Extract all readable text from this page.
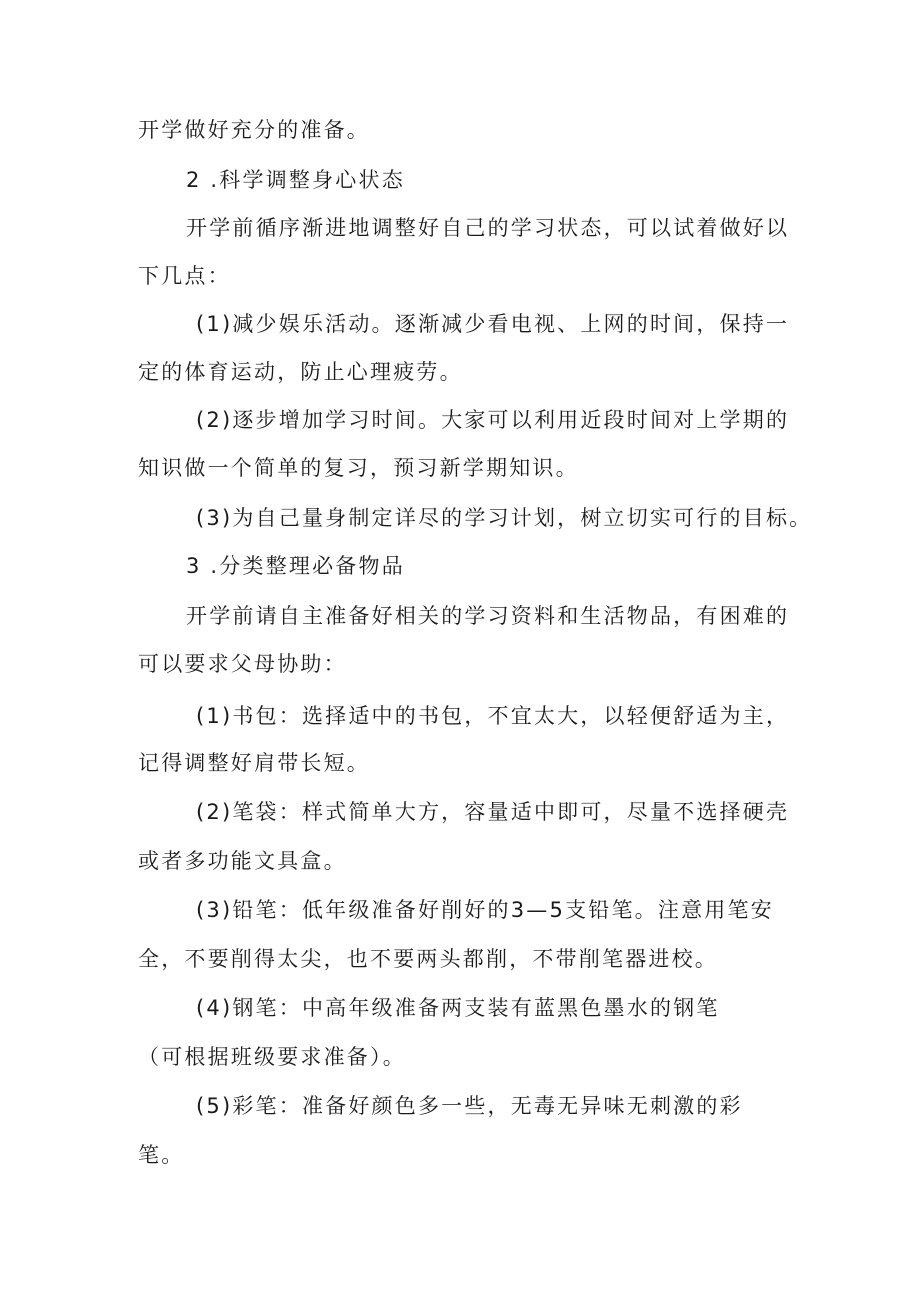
开学做好充分的准备。
2 .科学调整身心状态
开学前循序渐进地调整好自己的学习状态，可以试着做好以
下几点：
(1)减少娱乐活动。逐渐减少看电视、上网的时间，保持一
定的体育运动，防止心理疲劳。
(2)逐步增加学习时间。大家可以利用近段时间对上学期的
知识做一个简单的复习，预习新学期知识。
(3)为自己量身制定详尽的学习计划，树立切实可行的目标。
3 .分类整理必备物品
开学前请自主准备好相关的学习资料和生活物品，有困难的
可以要求父母协助：
(1)书包：选择适中的书包，不宜太大，以轻便舒适为主，
记得调整好肩带长短。
(2)笔袋：样式简单大方，容量适中即可，尽量不选择硬壳
或者多功能文具盒。
(3)铅笔：低年级准备好削好的3—5支铅笔。注意用笔安
全，不要削得太尖，也不要两头都削，不带削笔器进校。
(4)钢笔：中高年级准备两支装有蓝黑色墨水的钢笔
（可根据班级要求准备）。
(5)彩笔：准备好颜色多一些，无毒无异味无刺激的彩
笔。
